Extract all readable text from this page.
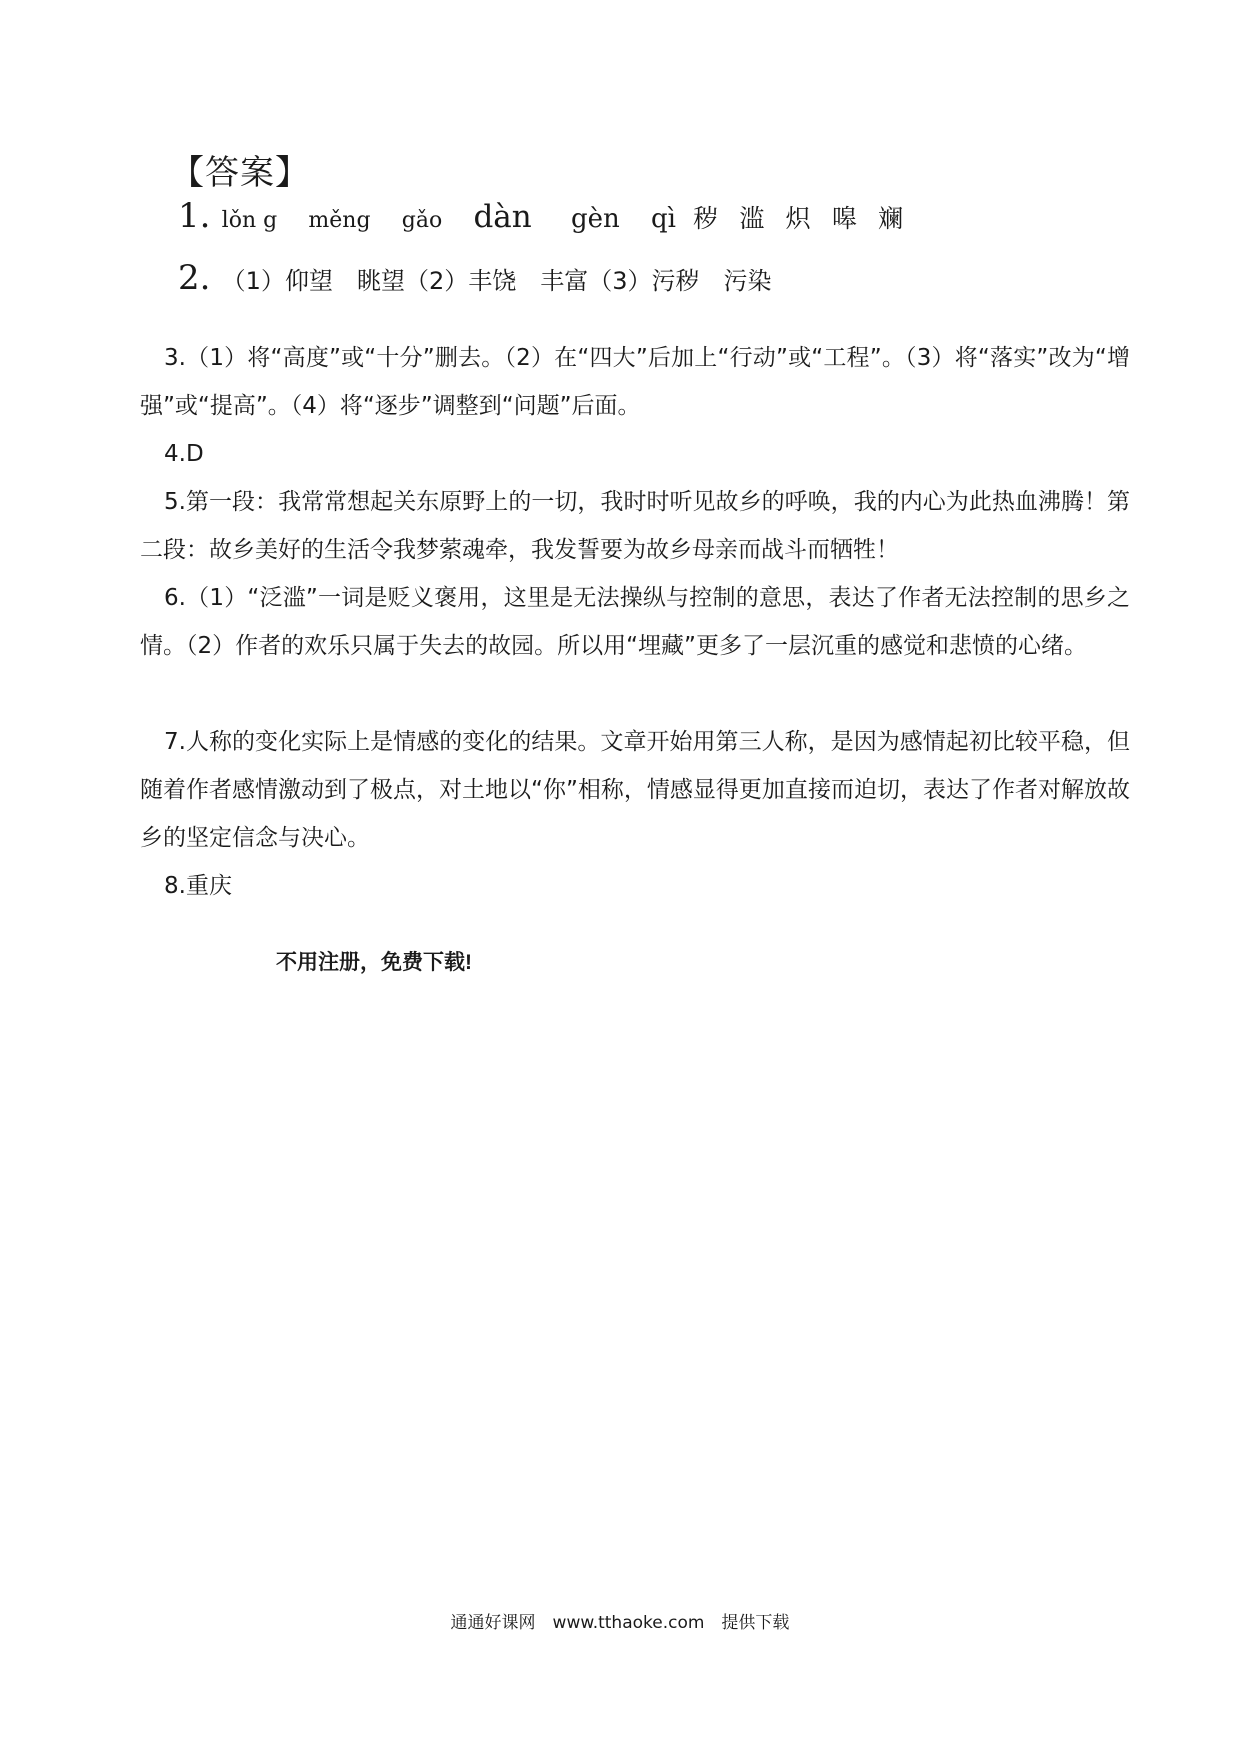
【答案】
1. lǒn g měng gǎo dàn gèn qì 秽 滥 炽 嗥 斓
2. （1）仰望　眺望（2）丰饶　丰富（3）污秽　污染

3.（1）将“高度”或“十分”删去。（2）在“四大”后加上“行动”或“工程”。（3）将“落实”改为“增强”或“提高”。（4）将“逐步”调整到“问题”后面。

4.D

5.第一段：我常常想起关东原野上的一切，我时时听见故乡的呼唤，我的内心为此热血沸腾！第二段：故乡美好的生活令我梦萦魂牵，我发誓要为故乡母亲而战斗而牺牲！

6.（1）“泛滥”一词是贬义褒用，这里是无法操纵与控制的意思，表达了作者无法控制的思乡之情。（2）作者的欢乐只属于失去的故园。所以用“埋藏”更多了一层沉重的感觉和悲愤的心绪。

7.人称的变化实际上是情感的变化的结果。文章开始用第三人称，是因为感情起初比较平稳，但随着作者感情激动到了极点，对土地以“你”相称，情感显得更加直接而迫切，表达了作者对解放故乡的坚定信念与决心。

8.重庆

不用注册，免费下载!
通通好课网　www.tthaoke.com　提供下载
